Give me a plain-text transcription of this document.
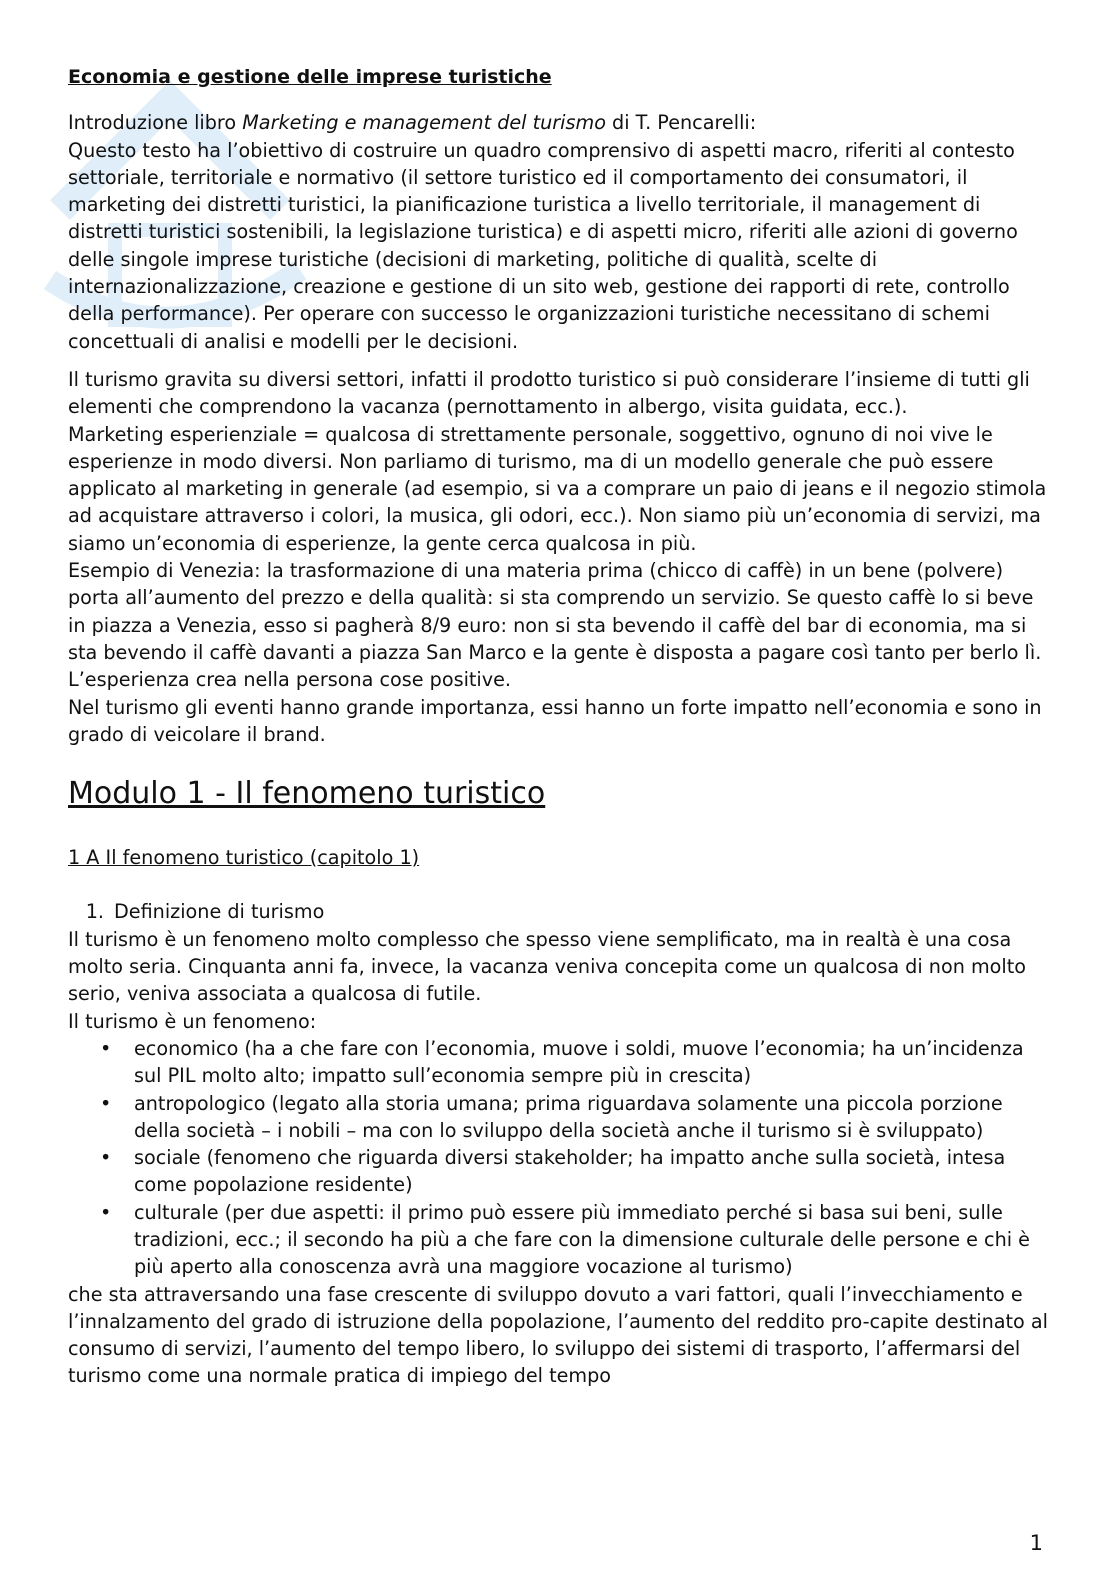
Economia e gestione delle imprese turistiche

Introduzione libro Marketing e management del turismo di T. Pencarelli:

Questo testo ha l’obiettivo di costruire un quadro comprensivo di aspetti macro, riferiti al contesto settoriale, territoriale e normativo (il settore turistico ed il comportamento dei consumatori, il marketing dei distretti turistici, la pianificazione turistica a livello territoriale, il management di distretti turistici sostenibili, la legislazione turistica) e di aspetti micro, riferiti alle azioni di governo delle singole imprese turistiche (decisioni di marketing, politiche di qualità, scelte di internazionalizzazione, creazione e gestione di un sito web, gestione dei rapporti di rete, controllo della performance). Per operare con successo le organizzazioni turistiche necessitano di schemi concettuali di analisi e modelli per le decisioni.

Il turismo gravita su diversi settori, infatti il prodotto turistico si può considerare l’insieme di tutti gli elementi che comprendono la vacanza (pernottamento in albergo, visita guidata, ecc.).

Marketing esperienziale = qualcosa di strettamente personale, soggettivo, ognuno di noi vive le esperienze in modo diversi. Non parliamo di turismo, ma di un modello generale che può essere applicato al marketing in generale (ad esempio, si va a comprare un paio di jeans e il negozio stimola ad acquistare attraverso i colori, la musica, gli odori, ecc.). Non siamo più un’economia di servizi, ma siamo un’economia di esperienze, la gente cerca qualcosa in più.

Esempio di Venezia: la trasformazione di una materia prima (chicco di caffè) in un bene (polvere) porta all’aumento del prezzo e della qualità: si sta comprendo un servizio. Se questo caffè lo si beve in piazza a Venezia, esso si pagherà 8/9 euro: non si sta bevendo il caffè del bar di economia, ma si sta bevendo il caffè davanti a piazza San Marco e la gente è disposta a pagare così tanto per berlo lì. L’esperienza crea nella persona cose positive.

Nel turismo gli eventi hanno grande importanza, essi hanno un forte impatto nell’economia e sono in grado di veicolare il brand.

Modulo 1 - Il fenomeno turistico
1 A Il fenomeno turistico (capitolo 1)
1. Definizione di turismo

Il turismo è un fenomeno molto complesso che spesso viene semplificato, ma in realtà è una cosa molto seria. Cinquanta anni fa, invece, la vacanza veniva concepita come un qualcosa di non molto serio, veniva associata a qualcosa di futile.

Il turismo è un fenomeno:

• economico (ha a che fare con l’economia, muove i soldi, muove l’economia; ha un’incidenza sul PIL molto alto; impatto sull’economia sempre più in crescita)
• antropologico (legato alla storia umana; prima riguardava solamente una piccola porzione della società – i nobili – ma con lo sviluppo della società anche il turismo si è sviluppato)
• sociale (fenomeno che riguarda diversi stakeholder; ha impatto anche sulla società, intesa come popolazione residente)
• culturale (per due aspetti: il primo può essere più immediato perché si basa sui beni, sulle tradizioni, ecc.; il secondo ha più a che fare con la dimensione culturale delle persone e chi è più aperto alla conoscenza avrà una maggiore vocazione al turismo)

che sta attraversando una fase crescente di sviluppo dovuto a vari fattori, quali l’invecchiamento e l’innalzamento del grado di istruzione della popolazione, l’aumento del reddito pro-capite destinato al consumo di servizi, l’aumento del tempo libero, lo sviluppo dei sistemi di trasporto, l’affermarsi del turismo come una normale pratica di impiego del tempo

1
